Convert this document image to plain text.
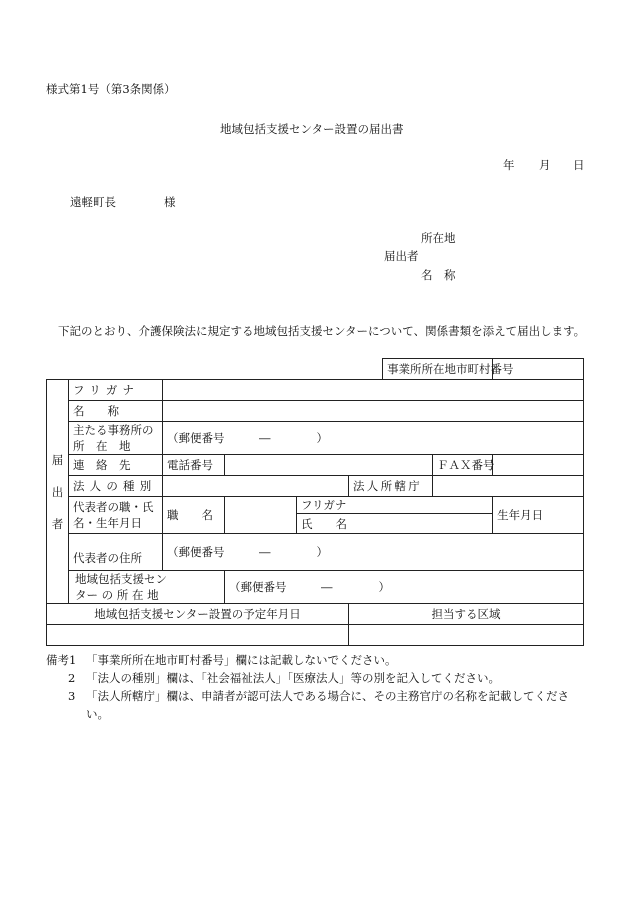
様式第1号（第3条関係）
地域包括支援センター設置の届出書
年 月 日
遠軽町長	様
所在地
届出者
名　称
下記のとおり、介護保険法に規定する地域包括支援センターについて、関係書類を添えて届出します。
						事業所所在地市町村番号		

届
出
者	フリガナ							
	名　　称							

	主たる事務所の
所　在　地	（郵便番号　　　―　　　　）						
	連　絡　先	電話番号					ＦＡＸ番号	
	法人の種別				法人所轄庁			

	代表者の職・氏
名・生年月日	職　　名		フリガナ				生年月日
				氏　　名				
	代表者の住所	（郵便番号　　　―　　　　）						

	地域包括支援セン
ター の 所 在 地		（郵便番号　　　―　　　　）					
地域包括支援センター設置の予定年月日					担当する区域			

備考1 「事業所所在地市町村番号」欄には記載しないでください。
2 「法人の種別」欄は、「社会福祉法人」「医療法人」等の別を記入してください。
3 「法人所轄庁」欄は、申請者が認可法人である場合に、その主務官庁の名称を記載してくださ
い。
